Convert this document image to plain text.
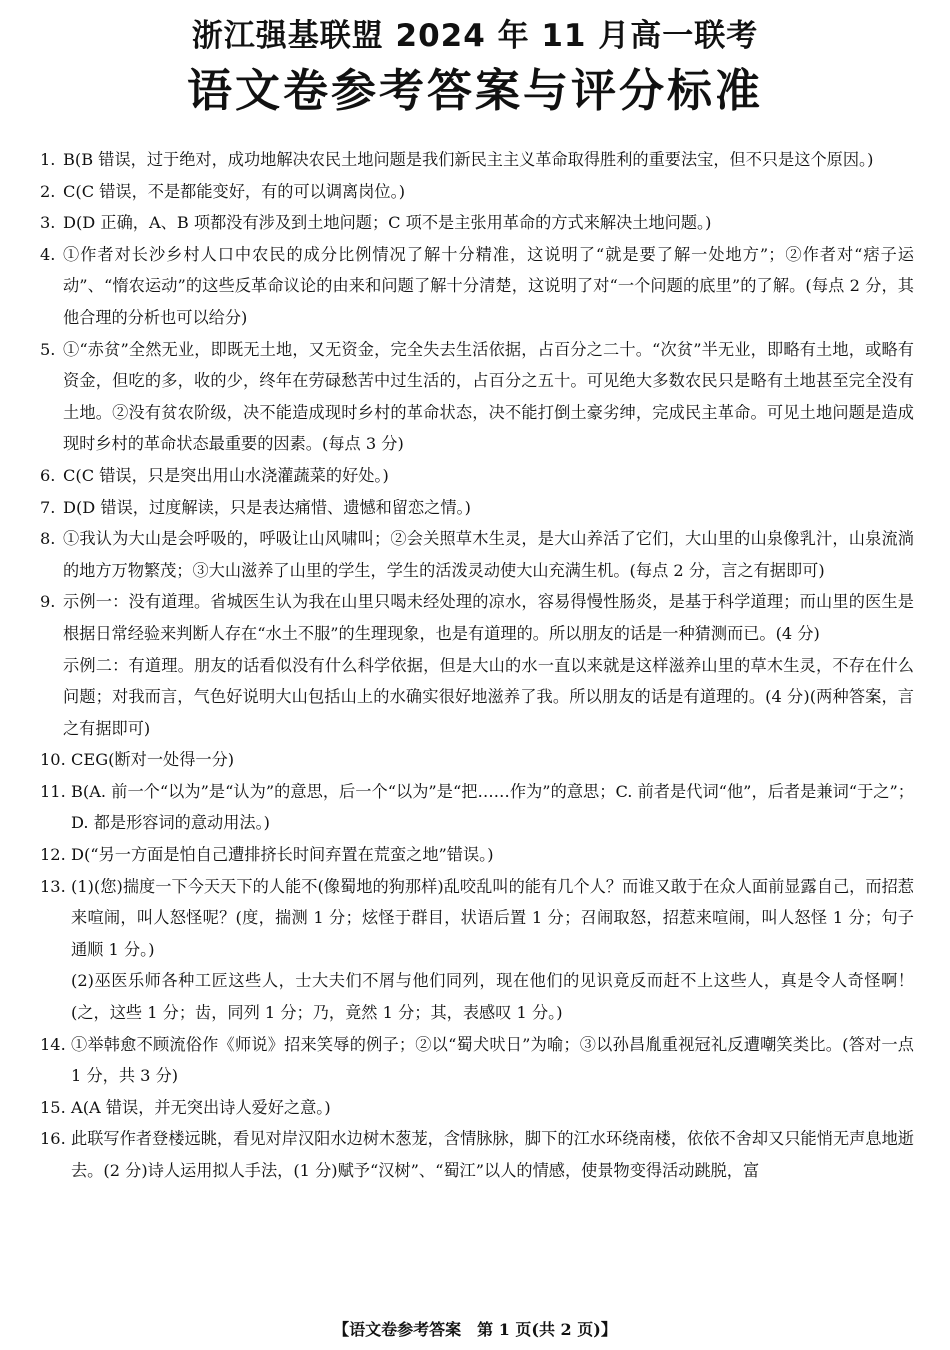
浙江强基联盟 2024 年 11 月高一联考
语文卷参考答案与评分标准
1. B(B 错误，过于绝对，成功地解决农民土地问题是我们新民主主义革命取得胜利的重要法宝，但不只是这个原因。)
2. C(C 错误，不是都能变好，有的可以调离岗位。)
3. D(D 正确，A、B 项都没有涉及到土地问题；C 项不是主张用革命的方式来解决土地问题。)
4. ①作者对长沙乡村人口中农民的成分比例情况了解十分精准，这说明了“就是要了解一处地方”；②作者对“痞子运动”、“惰农运动”的这些反革命议论的由来和问题了解十分清楚，这说明了对“一个问题的底里”的了解。(每点 2 分，其他合理的分析也可以给分)
5. ①“赤贫”全然无业，即既无土地，又无资金，完全失去生活依据，占百分之二十。“次贫”半无业，即略有土地，或略有资金，但吃的多，收的少，终年在劳碌愁苦中过生活的，占百分之五十。可见绝大多数农民只是略有土地甚至完全没有土地。②没有贫农阶级，决不能造成现时乡村的革命状态，决不能打倒土豪劣绅，完成民主革命。可见土地问题是造成现时乡村的革命状态最重要的因素。(每点 3 分)
6. C(C 错误，只是突出用山水浇灌蔬菜的好处。)
7. D(D 错误，过度解读，只是表达痛惜、遗憾和留恋之情。)
8. ①我认为大山是会呼吸的，呼吸让山风啸叫；②会关照草木生灵，是大山养活了它们，大山里的山泉像乳汁，山泉流淌的地方万物繁茂；③大山滋养了山里的学生，学生的活泼灵动使大山充满生机。(每点 2 分，言之有据即可)
9. 示例一：没有道理。省城医生认为我在山里只喝未经处理的凉水，容易得慢性肠炎，是基于科学道理；而山里的医生是根据日常经验来判断人存在“水土不服”的生理现象，也是有道理的。所以朋友的话是一种猜测而已。(4 分)
示例二：有道理。朋友的话看似没有什么科学依据，但是大山的水一直以来就是这样滋养山里的草木生灵，不存在什么问题；对我而言，气色好说明大山包括山上的水确实很好地滋养了我。所以朋友的话是有道理的。(4 分)(两种答案，言之有据即可)
10. CEG(断对一处得一分)
11. B(A. 前一个“以为”是“认为”的意思，后一个“以为”是“把……作为”的意思；C. 前者是代词“他”，后者是兼词“于之”；D. 都是形容词的意动用法。)
12. D(“另一方面是怕自己遭排挤长时间弃置在荒蛮之地”错误。)
13. (1)(您)揣度一下今天天下的人能不(像蜀地的狗那样)乱咬乱叫的能有几个人？而谁又敢于在众人面前显露自己，而招惹来喧闹，叫人怒怪呢？(度，揣测 1 分；炫怪于群目，状语后置 1 分；召闹取怒，招惹来喧闹，叫人怒怪 1 分；句子通顺 1 分。)
(2)巫医乐师各种工匠这些人，士大夫们不屑与他们同列，现在他们的见识竟反而赶不上这些人，真是令人奇怪啊！(之，这些 1 分；齿，同列 1 分；乃，竟然 1 分；其，表感叹 1 分。)
14. ①举韩愈不顾流俗作《师说》招来笑辱的例子；②以“蜀犬吠日”为喻；③以孙昌胤重视冠礼反遭嘲笑类比。(答对一点 1 分，共 3 分)
15. A(A 错误，并无突出诗人爱好之意。)
16. 此联写作者登楼远眺，看见对岸汉阳水边树木葱茏，含情脉脉，脚下的江水环绕南楼，依依不舍却又只能悄无声息地逝去。(2 分)诗人运用拟人手法，(1 分)赋予“汉树”、“蜀江”以人的情感，使景物变得活动跳脱，富
【语文卷参考答案　第 1 页(共 2 页)】
